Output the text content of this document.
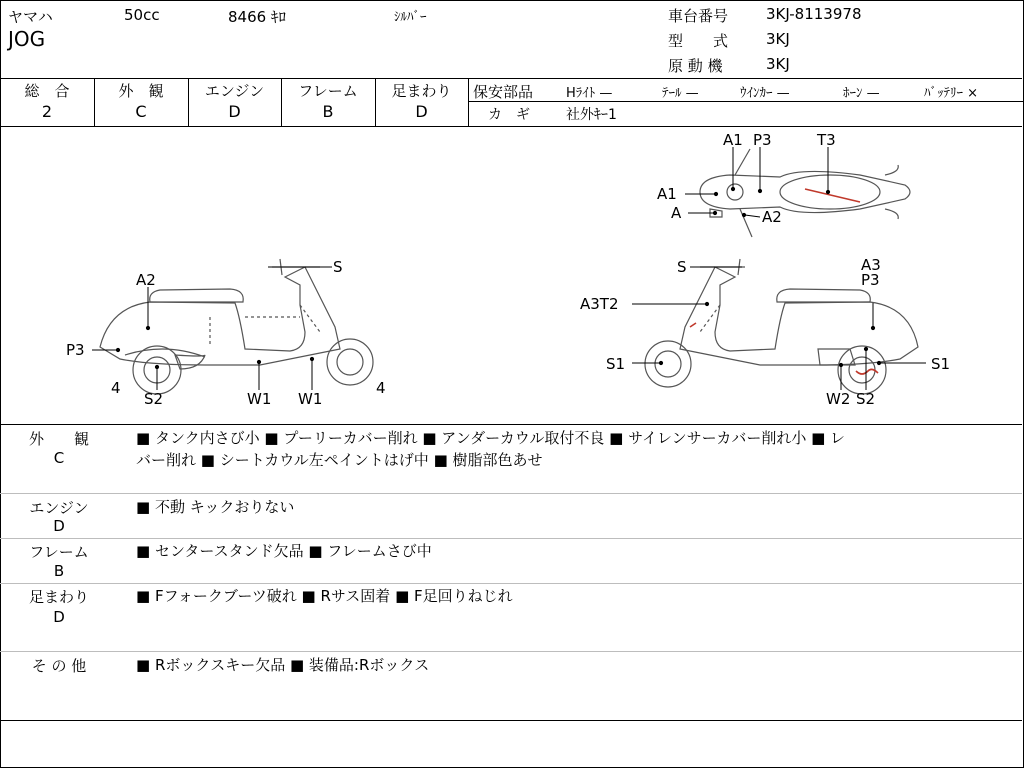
ヤマハ	50cc	8466 ｷﾛ	ｼﾙﾊﾞｰ
JOG
車台番号	3KJ-8113978
型　　式	3KJ
原 動 機	3KJ
総　合
2
外　観
C
エンジン
D
フレーム
B
足まわり
D
保安部品	Hﾗｲﾄ —	ﾃｰﾙ —	ｳｲﾝｶｰ —	ﾎｰﾝ —	ﾊﾞｯﾃﾘｰ ×
カ　ギ	社外ｷｰ1
A1 P3	T3
A1
A	A2
S
A2
P3
4
S2	W1 W1
4
S	A3
P3
A3T2
S1	S1
W2 S2
外　　観
C
■ タンク内さび小 ■ プーリーカバー削れ ■ アンダーカウル取付不良 ■ サイレンサーカバー削れ小 ■ レ
バー削れ ■ シートカウル左ペイントはげ中 ■ 樹脂部色あせ
エンジン
D
■ 不動 キックおりない
フレーム
B
■ センタースタンド欠品 ■ フレームさび中
足まわり
D
■ Fフォークブーツ破れ ■ Rサス固着 ■ F足回りねじれ
そ の 他	■ Rボックスキー欠品 ■ 装備品:Rボックス
